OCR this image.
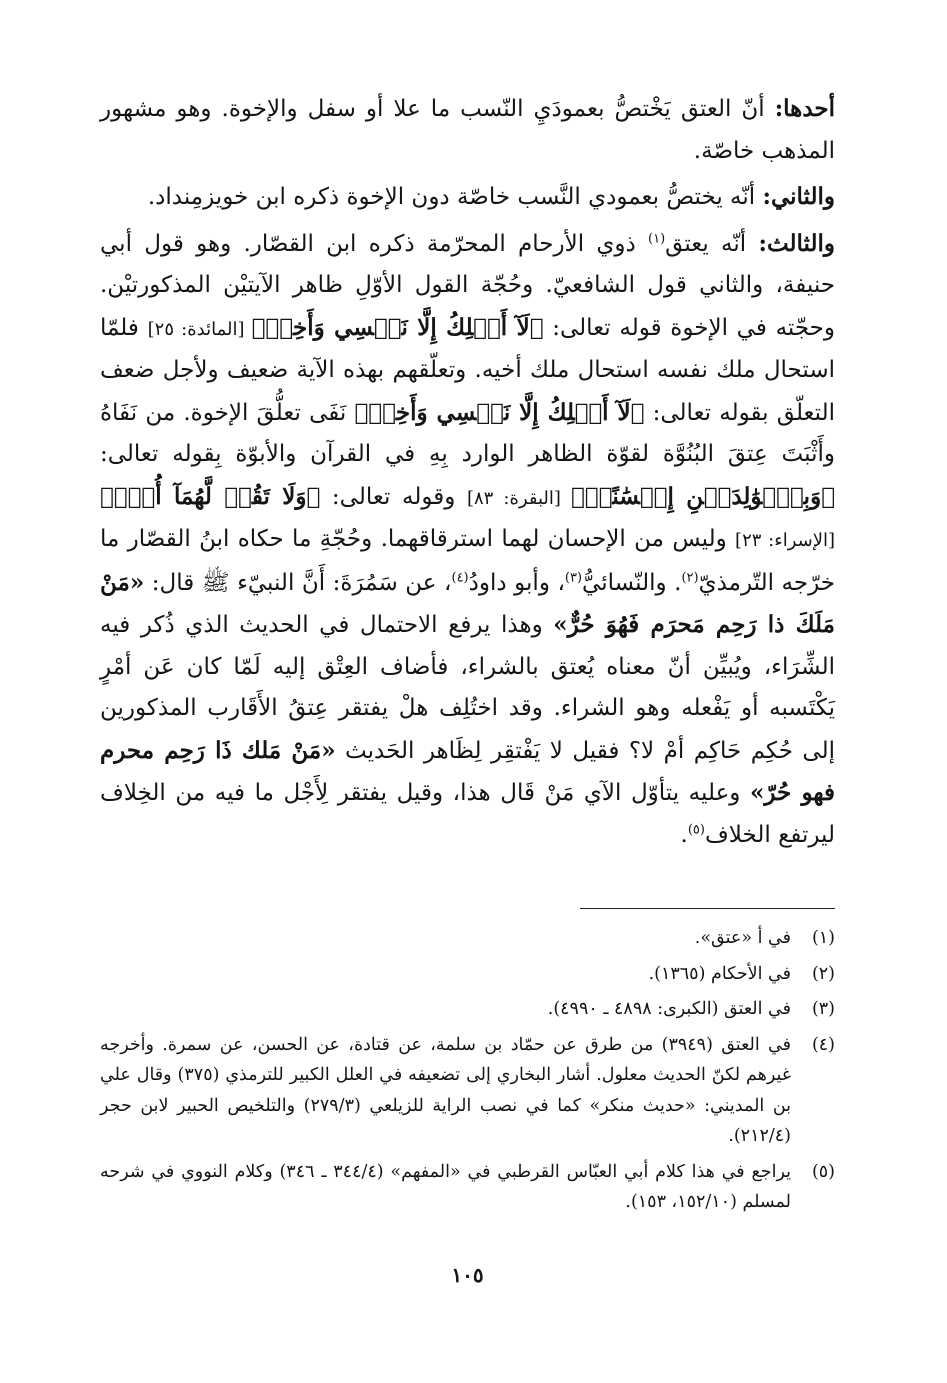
أحدها: أنّ العتق يَخْتصُّ بعمودَيِ النّسب ما علا أو سفل والإخوة. وهو مشهور المذهب خاصّة.

والثاني: أنّه يختصُّ بعمودي النَّسب خاصّة دون الإخوة ذكره ابن خويزمِنداد.

والثالث: أنّه يعتق$^{(١)}$ ذوي الأرحام المحرّمة ذكره ابن القصّار. وهو قول أبي حنيفة، والثاني قول الشافعيّ. وحُجّة القول الأوّلِ ظاهر الآيتيْن المذكورتيْن. وحجّته في الإخوة قوله تعالى: ﴿لَآ أَمۡلِكُ إِلَّا نَفۡسِي وَأَخِيۖ﴾ [المائدة: ٢٥] فلمّا استحال ملك نفسه استحال ملك أخيه. وتعلّقهم بهذه الآية ضعيف ولأجل ضعف التعلّق بقوله تعالى: ﴿لَآ أَمۡلِكُ إِلَّا نَفۡسِي وَأَخِيۖ﴾ نَفَى تعلُّقَ الإخوة. من نَفَاهُ وأَثْبَتَ عِتقَ البُنُوَّة لقوّة الظاهر الوارد بِهِ في القرآن والأبوّة بِقوله تعالى: ﴿وَبِٱلۡوَٰلِدَيۡنِ إِحۡسَٰنًاۚ﴾ [البقرة: ٨٣] وقوله تعالى: ﴿وَلَا تَقُلۡ لَّهُمَآ أُفّٖ﴾ [الإسراء: ٢٣] وليس من الإحسان لهما استرقاقهما. وحُجّةِ ما حكاه ابنُ القصّار ما خرّجه التّرمذيّ$^{(٢)}$. والنّسائيُّ$^{(٣)}$، وأبو داودُ$^{(٤)}$، عن سَمُرَةَ: أَنَّ النبيّء ﷺ قال: «مَنْ مَلَكَ ذا رَحِم مَحرَم فَهُوَ حُرٌّ» وهذا يرفع الاحتمال في الحديث الذي ذُكر فيه الشِّرَاء، ويُبيِّن أنّ معناه يُعتق بالشراء، فأضاف العِتْق إليه لَمّا كان عَن أمْرٍ يَكْتَسبه أو يَفْعله وهو الشراء. وقد اختُلِف هلْ يفتقر عِتقُ الأَقَارب المذكورين إلى حُكِم حَاكِم أمْ لا؟ فقيل لا يَفْتقِر لِظَاهر الحَديث «مَنْ مَلك ذَا رَحِم محرم فهو حُرّ» وعليه يتأوّل الآي مَنْ قَال هذا، وقيل يفتقر لِأَجْل ما فيه من الخِلاف ليرتفع الخلاف$^{(٥)}$.

(١)
في أ «عتق».
(٢)
في الأحكام (١٣٦٥).
(٣)
في العتق (الكبرى: ٤٨٩٨ ـ ٤٩٩٠).
(٤)
في العتق (٣٩٤٩) من طرق عن حمّاد بن سلمة، عن قتادة، عن الحسن، عن سمرة. وأخرجه غيرهم لكنّ الحديث معلول. أشار البخاري إلى تضعيفه في العلل الكبير للترمذي (٣٧٥) وقال علي بن المديني: «حديث منكر» كما في نصب الراية للزيلعي (٢٧٩/٣) والتلخيص الحبير لابن حجر (٢١٢/٤).
(٥)
يراجع في هذا كلام أبي العبّاس القرطبي في «المفهم» (٣٤٤/٤ ـ ٣٤٦) وكلام النووي في شرحه لمسلم (١٥٢/١٠، ١٥٣).
١٠٥
